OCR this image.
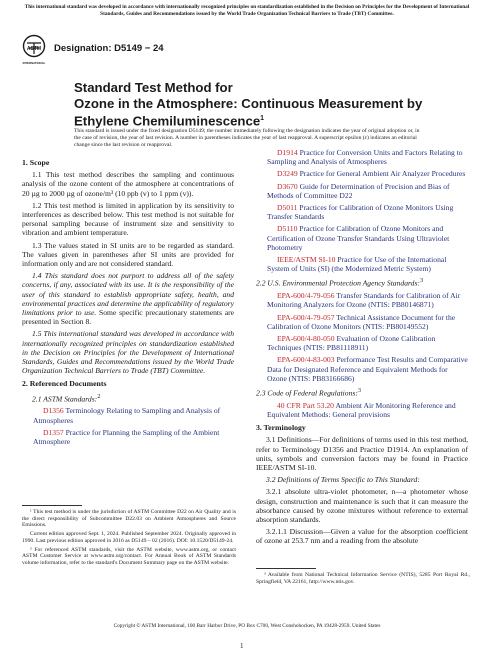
This international standard was developed in accordance with internationally recognized principles on standardization established in the Decision on Principles for the Development of International Standards, Guides and Recommendations issued by the World Trade Organization Technical Barriers to Trade (TBT) Committee.
ASTM
INTERNATIONAL
Designation: D5149 − 24
Standard Test Method for
Ozone in the Atmosphere: Continuous Measurement by
Ethylene Chemiluminescence$^1$
This standard is issued under the fixed designation D5149; the number immediately following the designation indicates the year of original adoption or, in the case of revision, the year of last revision. A number in parentheses indicates the year of last reapproval. A superscript epsilon (ε) indicates an editorial change since the last revision or reapproval.
1. Scope

1.1 This test method describes the sampling and continuous analysis of the ozone content of the atmosphere at concentrations of 20 µg to 2000 µg of ozone/m³ (10 ppb (v) to 1 ppm (v)).

1.2 This test method is limited in application by its sensitivity to interferences as described below. This test method is not suitable for personal sampling because of instrument size and sensitivity to vibration and ambient temperature.

1.3 The values stated in SI units are to be regarded as standard. The values given in parentheses after SI units are provided for information only and are not considered standard.

1.4 This standard does not purport to address all of the safety concerns, if any, associated with its use. It is the responsibility of the user of this standard to establish appropriate safety, health, and environmental practices and determine the applicability of regulatory limitations prior to use. Some specific precautionary statements are presented in Section 8.

1.5 This international standard was developed in accordance with internationally recognized principles on standardization established in the Decision on Principles for the Development of International Standards, Guides and Recommendations issued by the World Trade Organization Technical Barriers to Trade (TBT) Committee.

2. Referenced Documents

2.1 ASTM Standards:$^2$

D1356 Terminology Relating to Sampling and Analysis of Atmospheres

D1357 Practice for Planning the Sampling of the Ambient Atmosphere

D1914 Practice for Conversion Units and Factors Relating to Sampling and Analysis of Atmospheres

D3249 Practice for General Ambient Air Analyzer Procedures

D3670 Guide for Determination of Precision and Bias of Methods of Committee D22

D5011 Practices for Calibration of Ozone Monitors Using Transfer Standards

D5110 Practice for Calibration of Ozone Monitors and Certification of Ozone Transfer Standards Using Ultraviolet Photometry

IEEE/ASTM SI-10 Practice for Use of the International System of Units (SI) (the Modernized Metric System)

2.2 U.S. Environmental Protection Agency Standards:$^3$

EPA-600/4-79-056 Transfer Standards for Calibration of Air Monitoring Analyzers for Ozone (NTIS: PB80146871)

EPA-600/4-79-057 Technical Assistance Document for the Calibration of Ozone Monitors (NTIS: PB80149552)

EPA-600/4-80-050 Evaluation of Ozone Calibration Techniques (NTIS: PB81118911)

EPA-600/4-83-003 Performance Test Results and Comparative Data for Designated Reference and Equivalent Methods for Ozone (NTIS: PB83166686)

2.3 Code of Federal Regulations:$^3$

40 CFR Part 53.20 Ambient Air Monitoring Reference and Equivalent Methods: General provisions

3. Terminology

3.1 Definitions—For definitions of terms used in this test method, refer to Terminology D1356 and Practice D1914. An explanation of units, symbols and conversion factors may be found in Practice IEEE/ASTM SI-10.

3.2 Definitions of Terms Specific to This Standard:

3.2.1 absolute ultra-violet photometer, n—a photometer whose design, construction and maintenance is such that it can measure the absorbance caused by ozone mixtures without reference to external absorption standards.

3.2.1.1 Discussion—Given a value for the absorption coefficient of ozone at 253.7 nm and a reading from the absolute

¹ This test method is under the jurisdiction of ASTM Committee D22 on Air Quality and is the direct responsibility of Subcommittee D22.03 on Ambient Atmospheres and Source Emissions.

Current edition approved Sept. 1, 2024. Published September 2024. Originally approved in 1990. Last previous edition approved in 2016 as D5149 – 02 (2016). DOI: 10.1520/D5149-24.

² For referenced ASTM standards, visit the ASTM website, www.astm.org, or contact ASTM Customer Service at www.astm.org/contact. For Annual Book of ASTM Standards volume information, refer to the standard's Document Summary page on the ASTM website.

³ Available from National Technical Information Service (NTIS), 5285 Port Royal Rd., Springfield, VA 22161, http://www.ntis.gov.

Copyright © ASTM International, 100 Barr Harbor Drive, PO Box C700, West Conshohocken, PA 19428-2959. United States
1
